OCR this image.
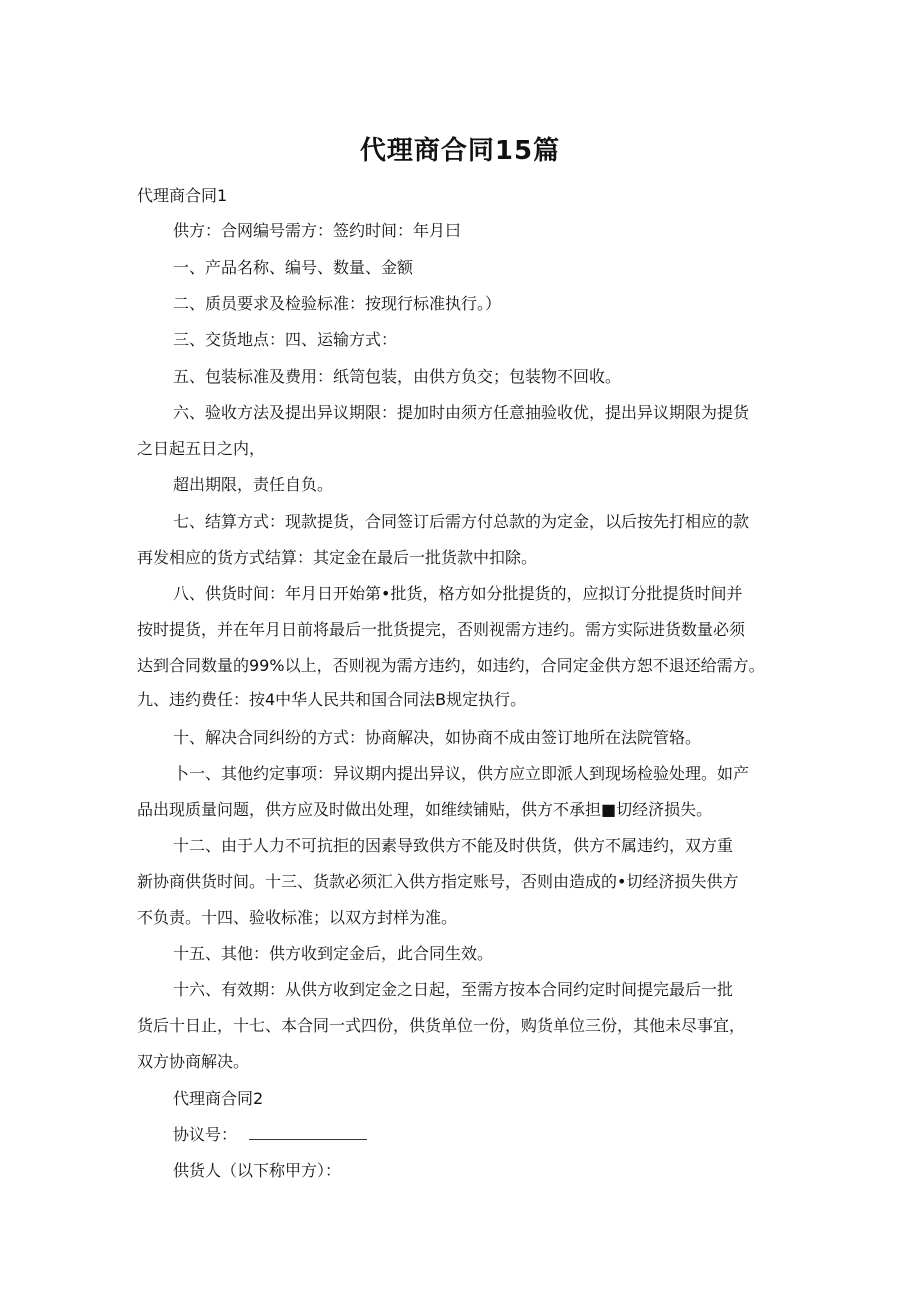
代理商合同15篇
代理商合同1
供方：合网编号需方：签约时间：年月曰
一、产品名称、编号、数量、金额
二、质员要求及检验标准：按现行标准执行。）
三、交货地点：四、运输方式：
五、包装标准及费用：纸笥包装，由供方负交；包装物不回收。
六、验收方法及提出异议期限：提加时由须方任意抽验收优，提出异议期限为提货
之日起五日之内，
超出期限，责任自负。
七、结算方式：现款提货，合同签订后需方付总款的为定金，以后按先打相应的款
再发相应的货方式结算：其定金在最后一批货款中扣除。
八、供货时间：年月日开始第•批货，格方如分批提货的，应拟订分批提货时间并
按时提货，并在年月日前将最后一批货提完，否则视需方违约。需方实际进货数量必须
达到合同数量的99%以上，否则视为需方违约，如违约，合同定金供方恕不退还给需方。
九、违约费任：按4中华人民共和国合同法B规定执行。
十、解决合同纠纷的方式：协商解决，如协商不成由签订地所在法院管辂。
卜一、其他约定事项：异议期内提出异议，供方应立即派人到现场检验处理。如产
品出现质量问题，供方应及时做出处理，如维续铺贴，供方不承担■切经济损失。
十二、由于人力不可抗拒的因素导致供方不能及时供货，供方不属违约，双方重
新协商供货时间。十三、货款必须汇入供方指定账号，否则由造成的•切经济损失供方
不负责。十四、验收标准；以双方封样为准。
十五、其他：供方收到定金后，此合同生效。
十六、有效期：从供方收到定金之日起，至需方按本合同约定时间提完最后一批
货后十日止，十七、本合同一式四份，供货单位一份，购货单位三份，其他未尽事宜，
双方协商解决。
代理商合同2
协议号：
供货人（以下称甲方）：
